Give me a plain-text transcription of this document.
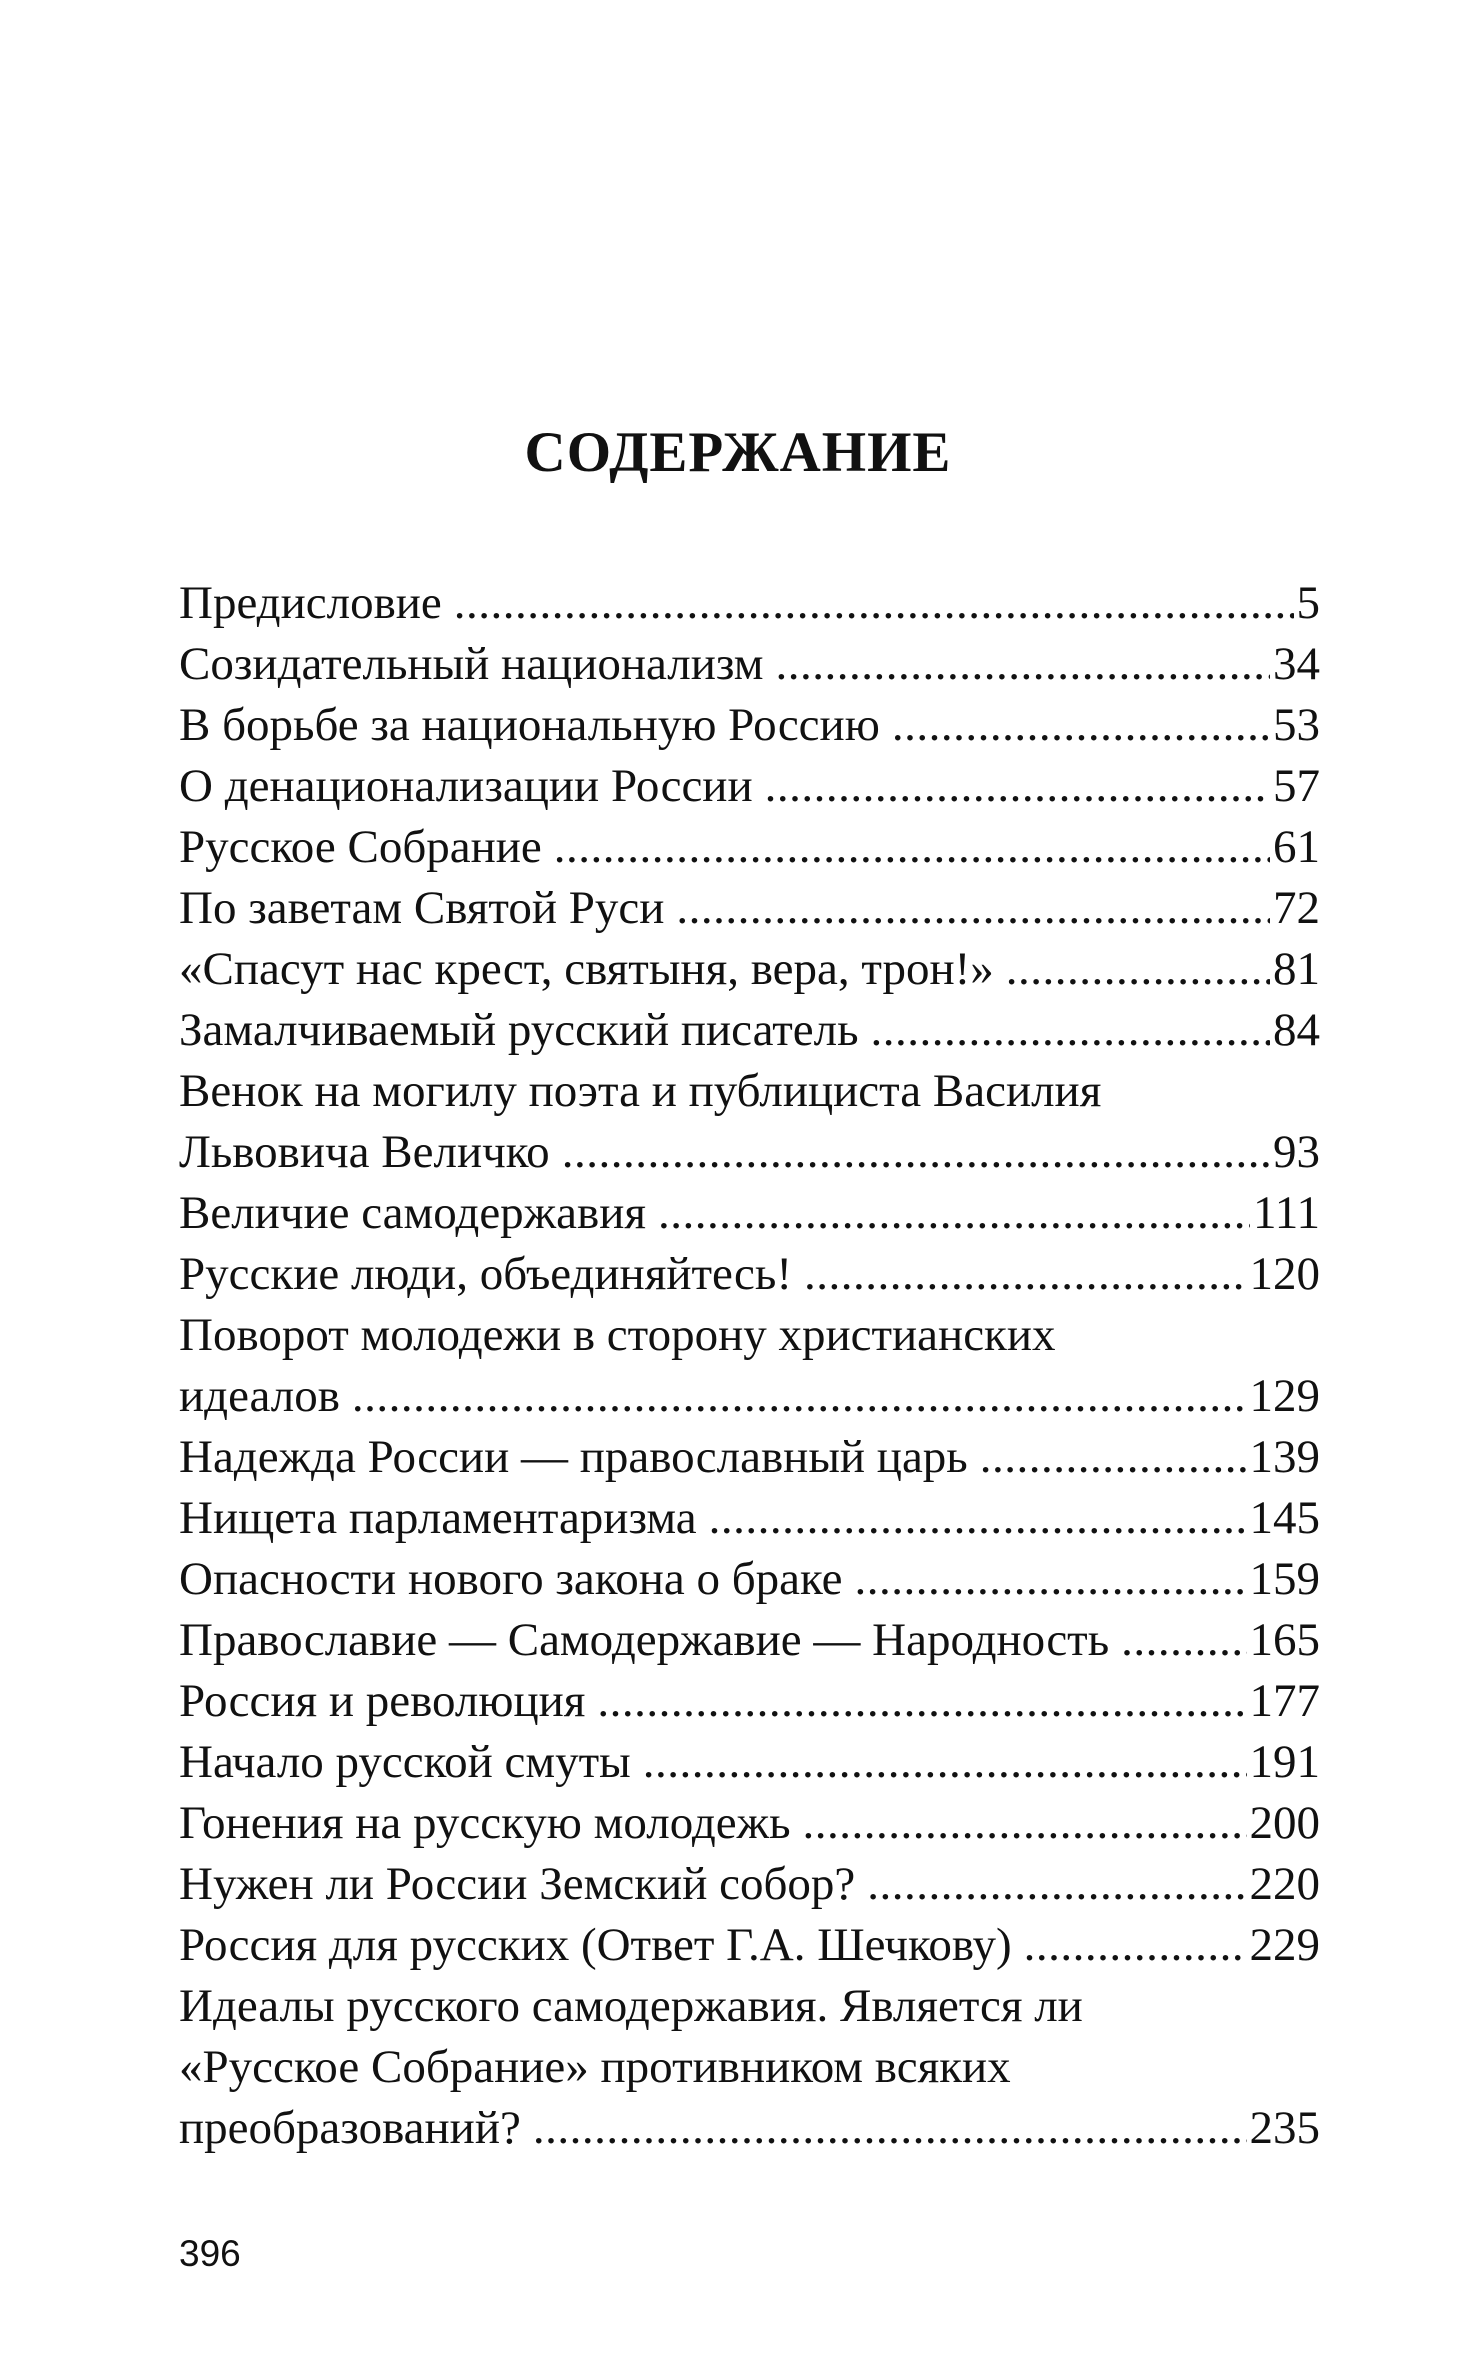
СОДЕРЖАНИЕ
Предисловие .....	5
Созидательный национализм .....	34
В борьбе за национальную Россию .....	53
О денационализации России .....	57
Русское Собрание .....	61
По заветам Святой Руси .....	72
«Спасут нас крест, святыня, вера, трон!» .....	81
Замалчиваемый русский писатель .....	84
Венок на могилу поэта и публициста Василия
Львовича Величко .....	93
Величие самодержавия .....	111
Русские люди, объединяйтесь! .....	120
Поворот молодежи в сторону христианских
идеалов .....	129
Надежда России — православный царь .....	139
Нищета парламентаризма .....	145
Опасности нового закона о браке .....	159
Православие — Самодержавие — Народность .....	165
Россия и революция .....	177
Начало русской смуты .....	191
Гонения на русскую молодежь .....	200
Нужен ли России Земский собор? .....	220
Россия для русских (Ответ Г.А. Шечкову) .....	229
Идеалы русского самодержавия. Является ли
«Русское Собрание» противником всяких
преобразований? .....	235

396
